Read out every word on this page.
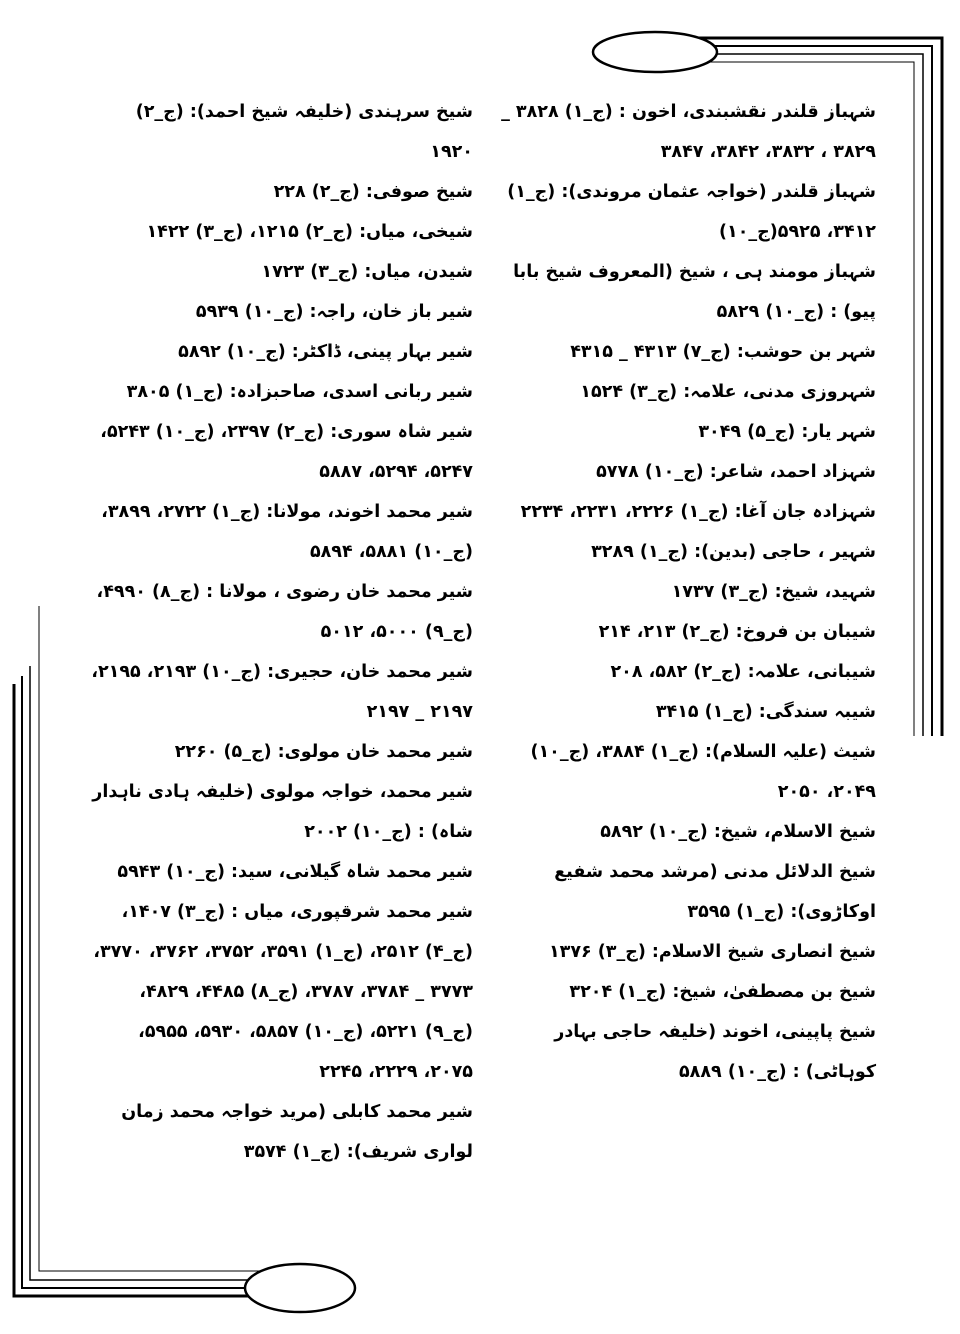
شہباز قلندر نقشبندی، اخون : (ج_۱) ۳۸۲۸ _ ۳۸۲۹ ، ۳۸۳۲، ۳۸۴۲، ۳۸۴۷

شہباز قلندر (خواجہ عثمان مروندی): (ج_۱) ۳۴۱۲، ۵۹۲۵(ج_۱۰)

شہباز مومند ہی ، شیخ (المعروف شیخ بابا پیو) : (ج_۱۰) ۵۸۲۹

شہر بن حوشب: (ج_۷) ۴۳۱۳ _ ۴۳۱۵

شہروزی مدنی، علامہ: (ج_۳) ۱۵۲۴

شہر یار: (ج_۵) ۳۰۴۹

شہزاد احمد، شاعر: (ج_۱۰) ۵۷۷۸

شہزادہ جان آغا: (ج_۱) ۲۲۲۶، ۲۲۳۱، ۲۲۳۴

شہیر ، حاجی (بدین): (ج_۱) ۳۲۸۹

شہید، شیخ: (ج_۳) ۱۷۳۷

شیبان بن فروخ: (ج_۲) ۲۱۳، ۲۱۴

شیبانی، علامہ: (ج_۲) ۵۸۲، ۲۰۸

شیبہ سندگی: (ج_۱) ۳۴۱۵

شیث (علیہ السلام): (ج_۱) ۳۸۸۴، (ج_۱۰) ۲۰۴۹، ۲۰۵۰

شیخ الاسلام، شیخ: (ج_۱۰) ۵۸۹۲

شیخ الدلائل مدنی (مرشد محمد شفیع اوکاڑوی): (ج_۱) ۳۵۹۵

شیخ انصاری شیخ الاسلام: (ج_۳) ۱۳۷۶

شیخ بن مصطفیٰ، شیخ: (ج_۱) ۳۲۰۴

شیخ پاپینی، اخوند (خلیفہ حاجی بہادر کوہاٹی) : (ج_۱۰) ۵۸۸۹

شیخ سرہندی (خلیفہ شیخ احمد): (ج_۲) ۱۹۲۰

شیخ صوفی: (ج_۲) ۲۲۸

شیخی، میاں: (ج_۲) ۱۲۱۵، (ج_۳) ۱۴۲۲

شیدن، میاں: (ج_۳) ۱۷۲۳

شیر باز خان، راجہ: (ج_۱۰) ۵۹۳۹

شیر بہار پینی، ڈاکٹر: (ج_۱۰) ۵۸۹۲

شیر ربانی اسدی، صاحبزادہ: (ج_۱) ۳۸۰۵

شیر شاہ سوری: (ج_۲) ۲۳۹۷، (ج_۱۰) ۵۲۴۳، ۵۲۴۷، ۵۲۹۴، ۵۸۸۷

شیر محمد اخوند، مولانا: (ج_۱) ۲۷۲۲، ۳۸۹۹، (ج_۱۰) ۵۸۸۱، ۵۸۹۴

شیر محمد خان رضوی ، مولانا : (ج_۸) ۴۹۹۰، (ج_۹) ۵۰۰۰، ۵۰۱۲

شیر محمد خان، حجیری: (ج_۱۰) ۲۱۹۳، ۲۱۹۵، ۲۱۹۷ _ ۲۱۹۷

شیر محمد خان مولوی: (ج_۵) ۲۲۶۰

شیر محمد، خواجہ مولوی (خلیفہ ہادی ناہدار شاہ) : (ج_۱۰) ۲۰۰۲

شیر محمد شاہ گیلانی، سید: (ج_۱۰) ۵۹۴۳

شیر محمد شرقپوری، میاں : (ج_۳) ۱۴۰۷، (ج_۴) ۲۵۱۲، (ج_۱) ۳۵۹۱، ۳۷۵۲، ۳۷۶۲، ۳۷۷۰، ۳۷۷۳ _ ۳۷۸۴، ۳۷۸۷، (ج_۸) ۴۴۸۵، ۴۸۲۹، (ج_۹) ۵۲۲۱، (ج_۱۰) ۵۸۵۷، ۵۹۳۰، ۵۹۵۵، ۲۰۷۵، ۲۲۲۹، ۲۲۴۵

شیر محمد کابلی (مرید خواجہ محمد زمان لواری شریف): (ج_۱) ۳۵۷۴
